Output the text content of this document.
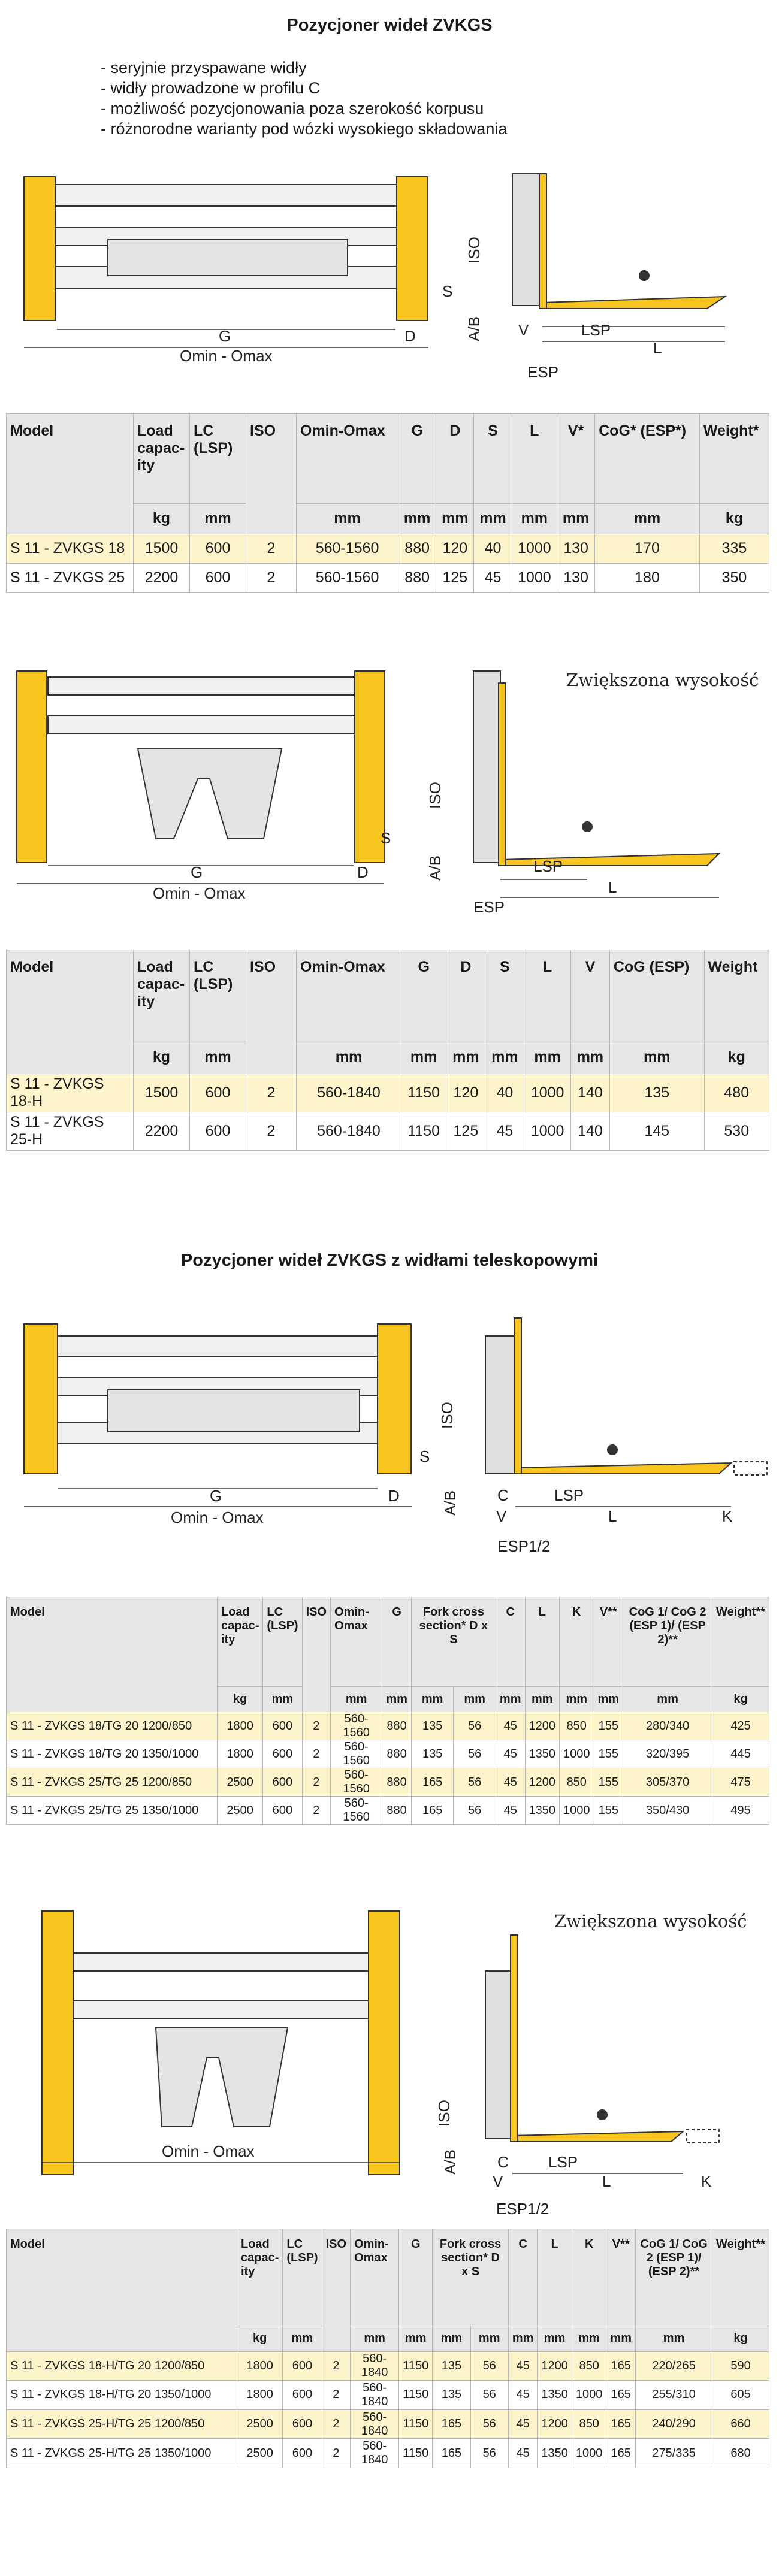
Pozycjoner wideł ZVKGS
- seryjnie przyspawane widły
- widły prowadzone w profilu C
- możliwość pozycjonowania poza szerokość korpusu
- różnorodne warianty pod wózki wysokiego składowania
Pozycjoner wideł ZVKGS z widłami teleskopowymi
Zwiększona wysokość
Zwiększona wysokość
G	D
S
Omin - Omax
ISO
A/B V	LSP
L
ESP
Model	Load capac-ity	LC (LSP)	ISO	Omin-Omax	G	D	S	L	V*	CoG* (ESP*)	Weight*
	kg	mm		mm	mm	mm	mm	mm	mm	mm	kg
S 11 - ZVKGS 18	1500	600	2	560-1560	880	120	40	1000	130	170	335
S 11 - ZVKGS 25	2200	600	2	560-1560	880	125	45	1000	130	180	350
G	D
S
Omin - Omax
ISO
A/B	LSP
L
ESP
Model	Load capac-ity	LC (LSP)	ISO	Omin-Omax	G	D	S	L	V	CoG (ESP)	Weight
	kg	mm		mm	mm	mm	mm	mm	mm	mm	kg
S 11 - ZVKGS 18-H	1500	600	2	560-1840	1150	120	40	1000	140	135	480
S 11 - ZVKGS 25-H	2200	600	2	560-1840	1150	125	45	1000	140	145	530
G	D
S
Omin - Omax
ISO
A/B C	LSP
V	L	K
ESP1/2
Model	Load capac-ity	LC (LSP)	ISO	Omin-Omax	G	Fork cross section* D x S		C	L	K	V**	CoG 1/ CoG 2 (ESP 1)/ (ESP 2)**	Weight**
	kg	mm		mm	mm	mm	mm	mm	mm	mm	mm	mm	kg
S 11 - ZVKGS 18/TG 20 1200/850	1800	600	2	560-1560	880	135	56	45	1200	850	155	280/340	425
S 11 - ZVKGS 18/TG 20 1350/1000	1800	600	2	560-1560	880	135	56	45	1350	1000	155	320/395	445
S 11 - ZVKGS 25/TG 25 1200/850	2500	600	2	560-1560	880	165	56	45	1200	850	155	305/370	475
S 11 - ZVKGS 25/TG 25 1350/1000	2500	600	2	560-1560	880	165	56	45	1350	1000	155	350/430	495
Omin - Omax
ISO
A/B C	LSP
V	L	K
ESP1/2
Model	Load capac-ity	LC (LSP)	ISO	Omin-Omax	G	Fork cross section* D x S		C	L	K	V**	CoG 1/ CoG 2 (ESP 1)/ (ESP 2)**	Weight**
	kg	mm		mm	mm	mm	mm	mm	mm	mm	mm	mm	kg
S 11 - ZVKGS 18-H/TG 20 1200/850	1800	600	2	560-1840	1150	135	56	45	1200	850	165	220/265	590
S 11 - ZVKGS 18-H/TG 20 1350/1000	1800	600	2	560-1840	1150	135	56	45	1350	1000	165	255/310	605
S 11 - ZVKGS 25-H/TG 25 1200/850	2500	600	2	560-1840	1150	165	56	45	1200	850	165	240/290	660
S 11 - ZVKGS 25-H/TG 25 1350/1000	2500	600	2	560-1840	1150	165	56	45	1350	1000	165	275/335	680
